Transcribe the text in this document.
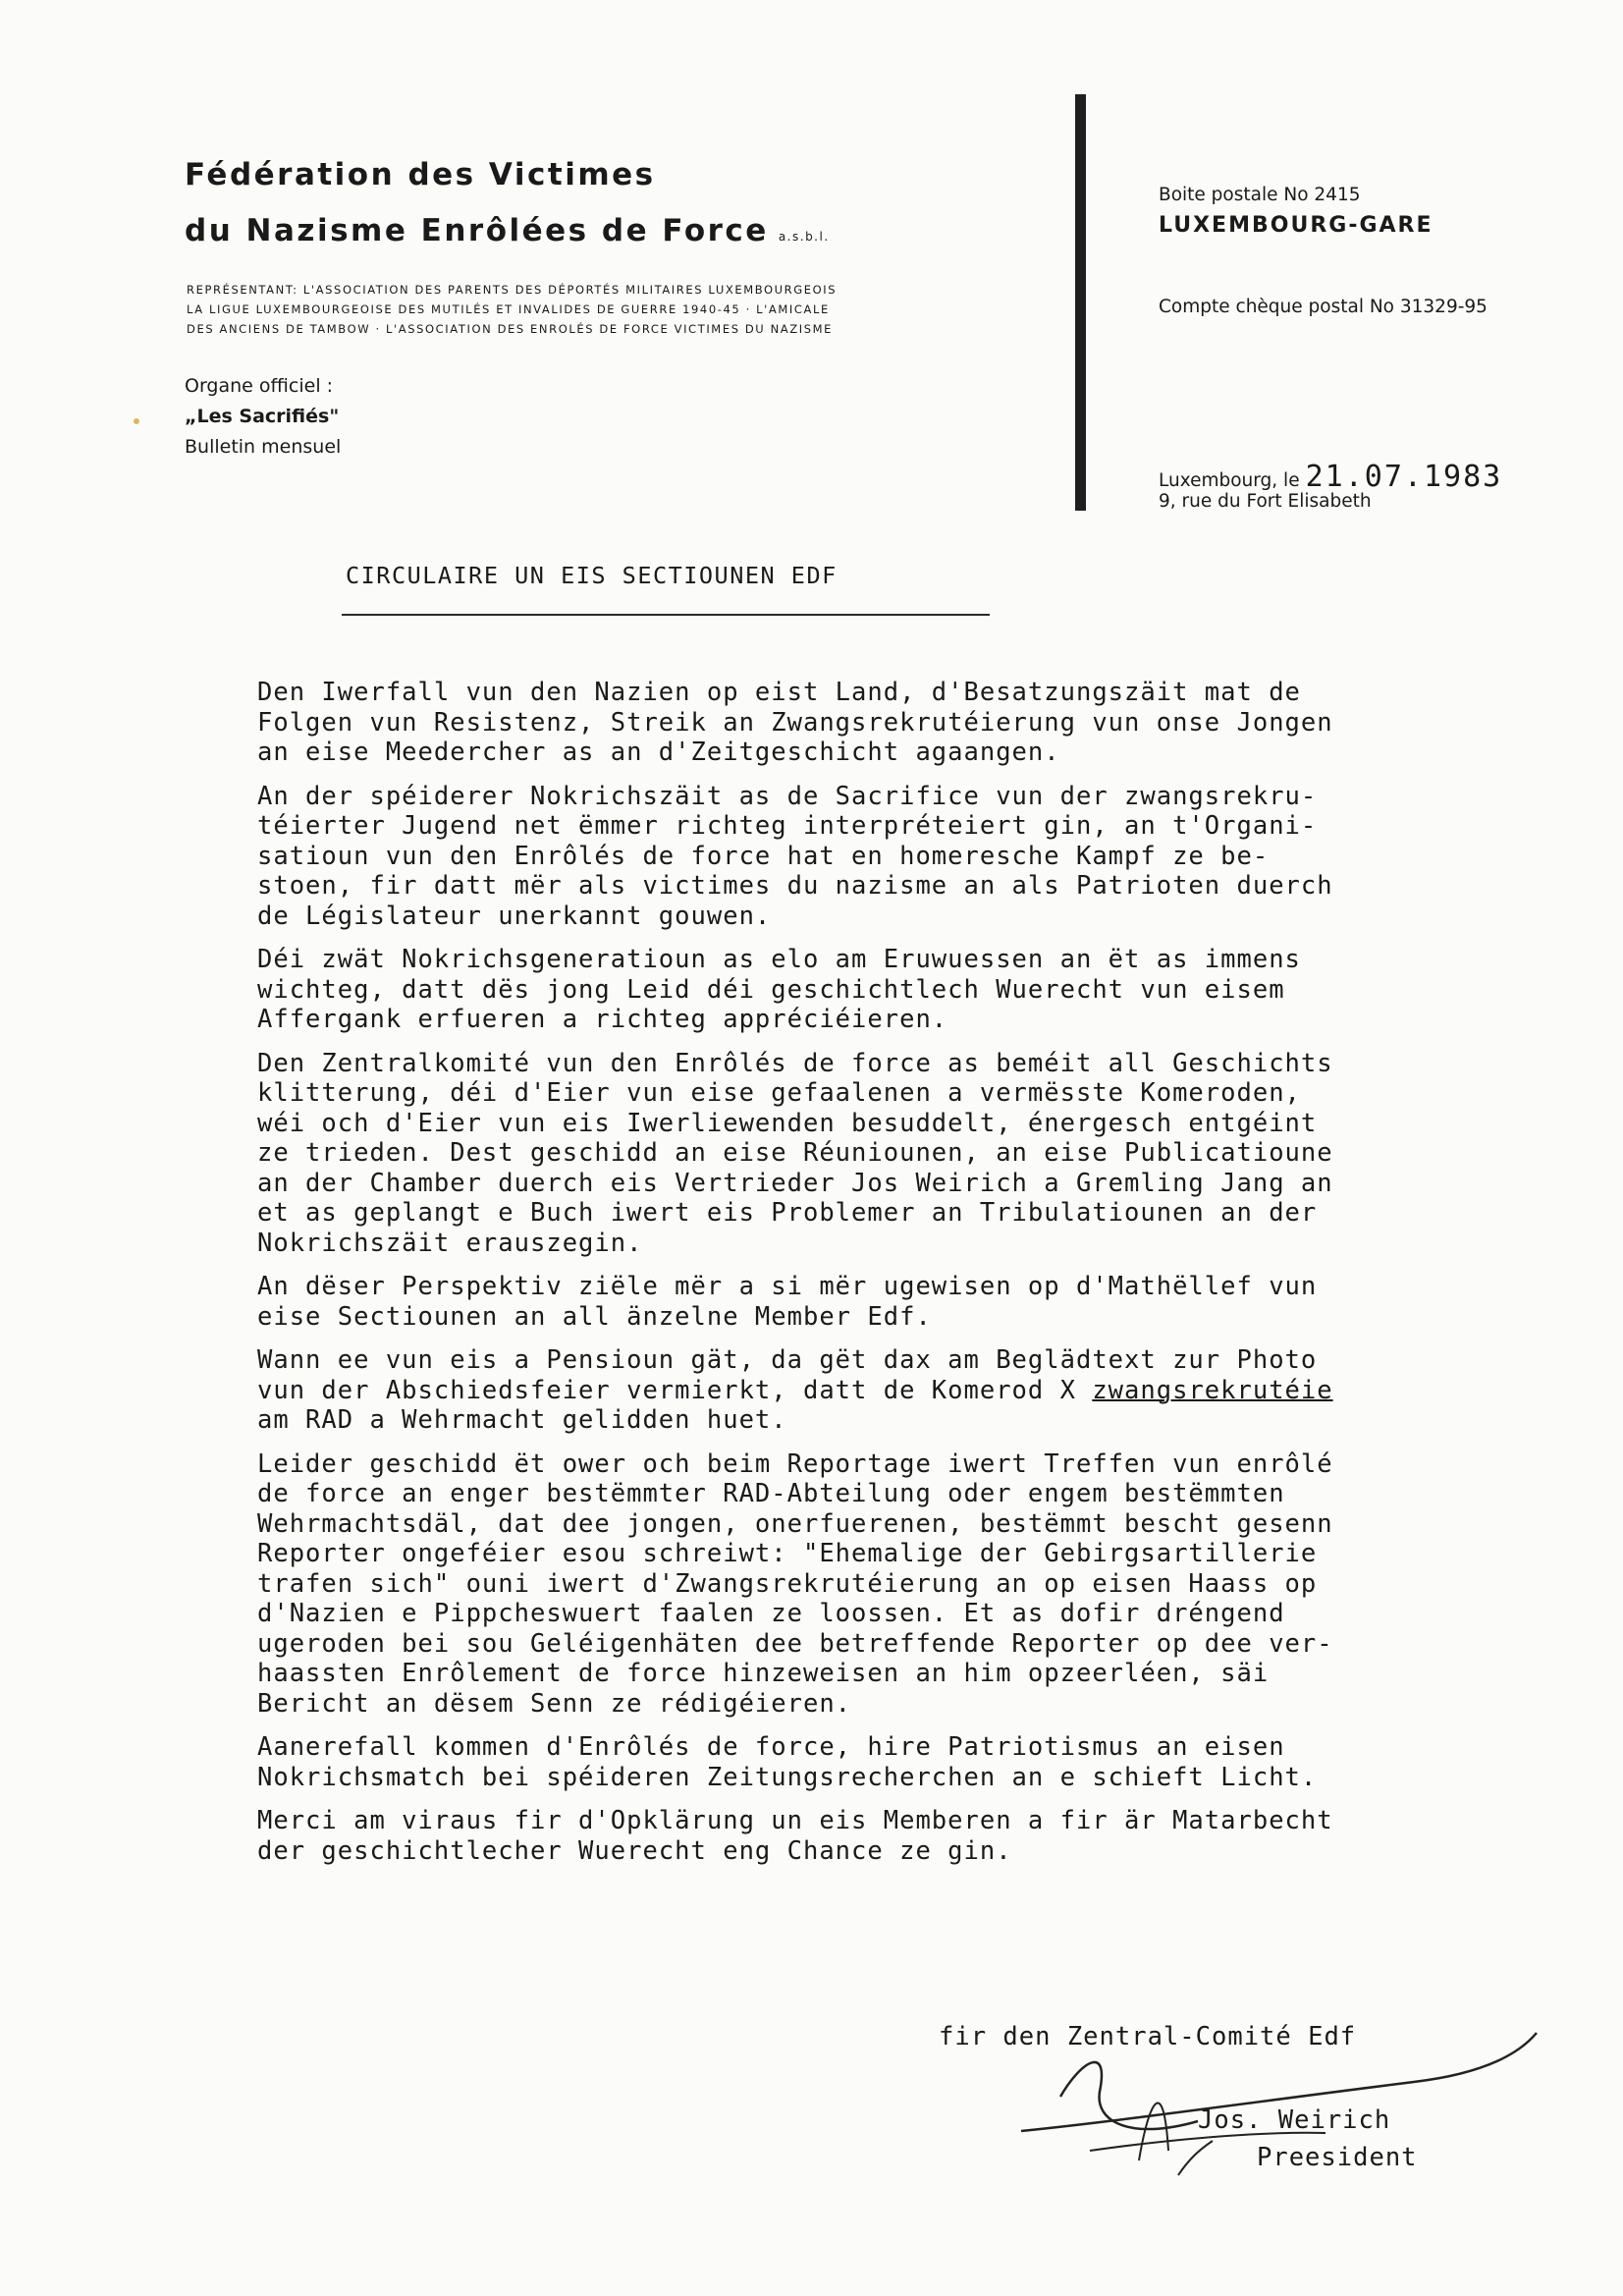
Fédération des Victimes
du Nazisme Enrôlées de Force a.s.b.l.
REPRÉSENTANT: L'ASSOCIATION DES PARENTS DES DÉPORTÉS MILITAIRES LUXEMBOURGEOIS
LA LIGUE LUXEMBOURGEOISE DES MUTILÉS ET INVALIDES DE GUERRE 1940-45 · L'AMICALE
DES ANCIENS DE TAMBOW · L'ASSOCIATION DES ENROLÉS DE FORCE VICTIMES DU NAZISME
Organe officiel :
„Les Sacrifiés"
Bulletin mensuel
Boite postale No 2415
LUXEMBOURG-GARE
Compte chèque postal No 31329-95
Luxembourg, le 21.07.1983
9, rue du Fort Elisabeth
CIRCULAIRE UN EIS SECTIOUNEN EDF
Den Iwerfall vun den Nazien op eist Land, d'Besatzungszäit mat de
Folgen vun Resistenz, Streik an Zwangsrekrutéierung vun onse Jongen
an eise Meedercher as an d'Zeitgeschicht agaangen.
An der spéiderer Nokrichszäit as de Sacrifice vun der zwangsrekru-
téierter Jugend net ëmmer richteg interpréteiert gin, an t'Organi-
satioun vun den Enrôlés de force hat en homeresche Kampf ze be-
stoen, fir datt mër als victimes du nazisme an als Patrioten duerch
de Législateur unerkannt gouwen.
Déi zwät Nokrichsgeneratioun as elo am Eruwuessen an ët as immens
wichteg, datt dës jong Leid déi geschichtlech Wuerecht vun eisem
Affergank erfueren a richteg appréciéieren.
Den Zentralkomité vun den Enrôlés de force as beméit all Geschichts
klitterung, déi d'Eier vun eise gefaalenen a vermësste Komeroden,
wéi och d'Eier vun eis Iwerliewenden besuddelt, énergesch entgéint
ze trieden. Dest geschidd an eise Réuniounen, an eise Publicatioune
an der Chamber duerch eis Vertrieder Jos Weirich a Gremling Jang an
et as geplangt e Buch iwert eis Problemer an Tribulatiounen an der
Nokrichszäit erauszegin.
An dëser Perspektiv ziële mër a si mër ugewisen op d'Mathëllef vun
eise Sectiounen an all änzelne Member Edf.
Wann ee vun eis a Pensioun gät, da gët dax am Beglädtext zur Photo
vun der Abschiedsfeier vermierkt, datt de Komerod X zwangsrekrutéie
am RAD a Wehrmacht gelidden huet.
Leider geschidd ët ower och beim Reportage iwert Treffen vun enrôlé
de force an enger bestëmmter RAD-Abteilung oder engem bestëmmten
Wehrmachtsdäl, dat dee jongen, onerfuerenen, bestëmmt bescht gesenn
Reporter ongeféier esou schreiwt: "Ehemalige der Gebirgsartillerie
trafen sich" ouni iwert d'Zwangsrekrutéierung an op eisen Haass op
d'Nazien e Pippcheswuert faalen ze loossen. Et as dofir dréngend
ugeroden bei sou Geléigenhäten dee betreffende Reporter op dee ver-
haassten Enrôlement de force hinzeweisen an him opzeerléen, säi
Bericht an dësem Senn ze rédigéieren.
Aanerefall kommen d'Enrôlés de force, hire Patriotismus an eisen
Nokrichsmatch bei spéideren Zeitungsrecherchen an e schieft Licht.
Merci am viraus fir d'Opklärung un eis Memberen a fir är Matarbecht
der geschichtlecher Wuerecht eng Chance ze gin.
fir den Zentral-Comité Edf
Jos. Weirich
Preesident
